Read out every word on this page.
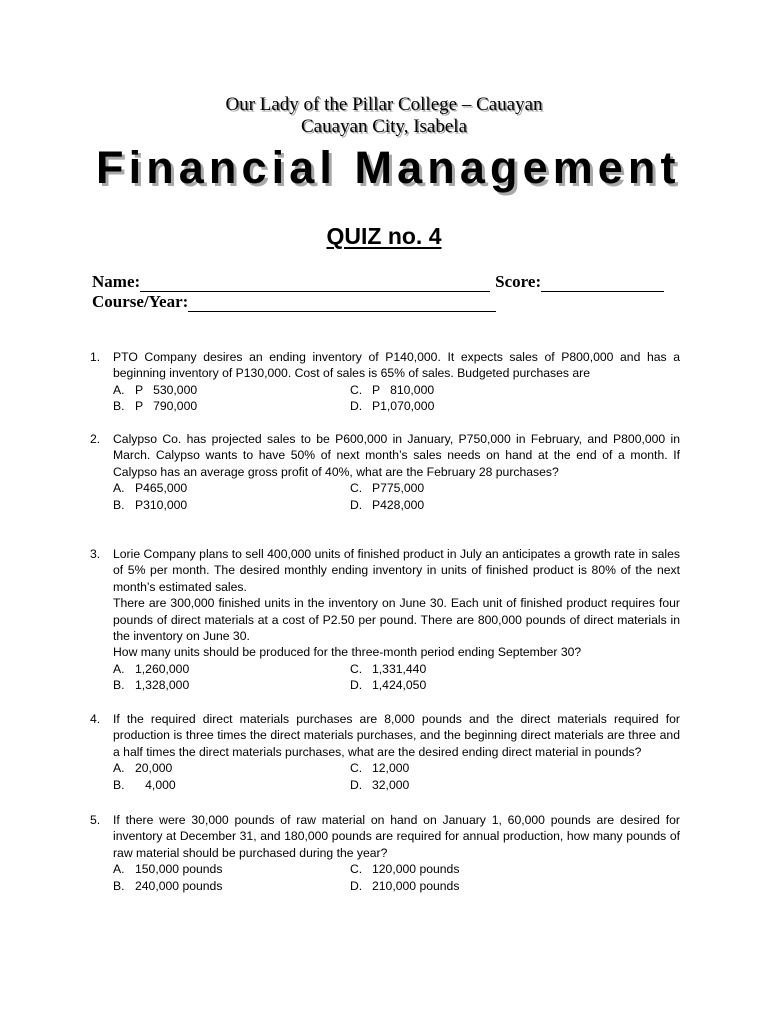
Our Lady of the Pillar College – Cauayan
Cauayan City, Isabela
Financial Management
QUIZ no. 4
Name:	Score:
Course/Year:
1.	PTO Company desires an ending inventory of P140,000. It expects sales of P800,000 and has a beginning inventory of P130,000. Cost of sales is 65% of sales. Budgeted purchases are

A. P   530,000	C. P   810,000
B. P   790,000	D. P1,070,000
2.	Calypso Co. has projected sales to be P600,000 in January, P750,000 in February, and P800,000 in March. Calypso wants to have 50% of next month’s sales needs on hand at the end of a month. If Calypso has an average gross profit of 40%, what are the February 28 purchases?

A. P465,000	C. P775,000
B. P310,000	D. P428,000
3.	Lorie Company plans to sell 400,000 units of finished product in July an anticipates a growth rate in sales of 5% per month. The desired monthly ending inventory in units of finished product is 80% of the next month’s estimated sales.

There are 300,000 finished units in the inventory on June 30. Each unit of finished product requires four pounds of direct materials at a cost of P2.50 per pound. There are 800,000 pounds of direct materials in the inventory on June 30.

How many units should be produced for the three-month period ending September 30?

A. 1,260,000	C. 1,331,440
B. 1,328,000	D. 1,424,050
4.	If the required direct materials purchases are 8,000 pounds and the direct materials required for production is three times the direct materials purchases, and the beginning direct materials are three and a half times the direct materials purchases, what are the desired ending direct material in pounds?

A. 20,000	C. 12,000
B. 4,000	D. 32,000
5.	If there were 30,000 pounds of raw material on hand on January 1, 60,000 pounds are desired for inventory at December 31, and 180,000 pounds are required for annual production, how many pounds of raw material should be purchased during the year?

A. 150,000 pounds	C. 120,000 pounds
B. 240,000 pounds	D. 210,000 pounds
